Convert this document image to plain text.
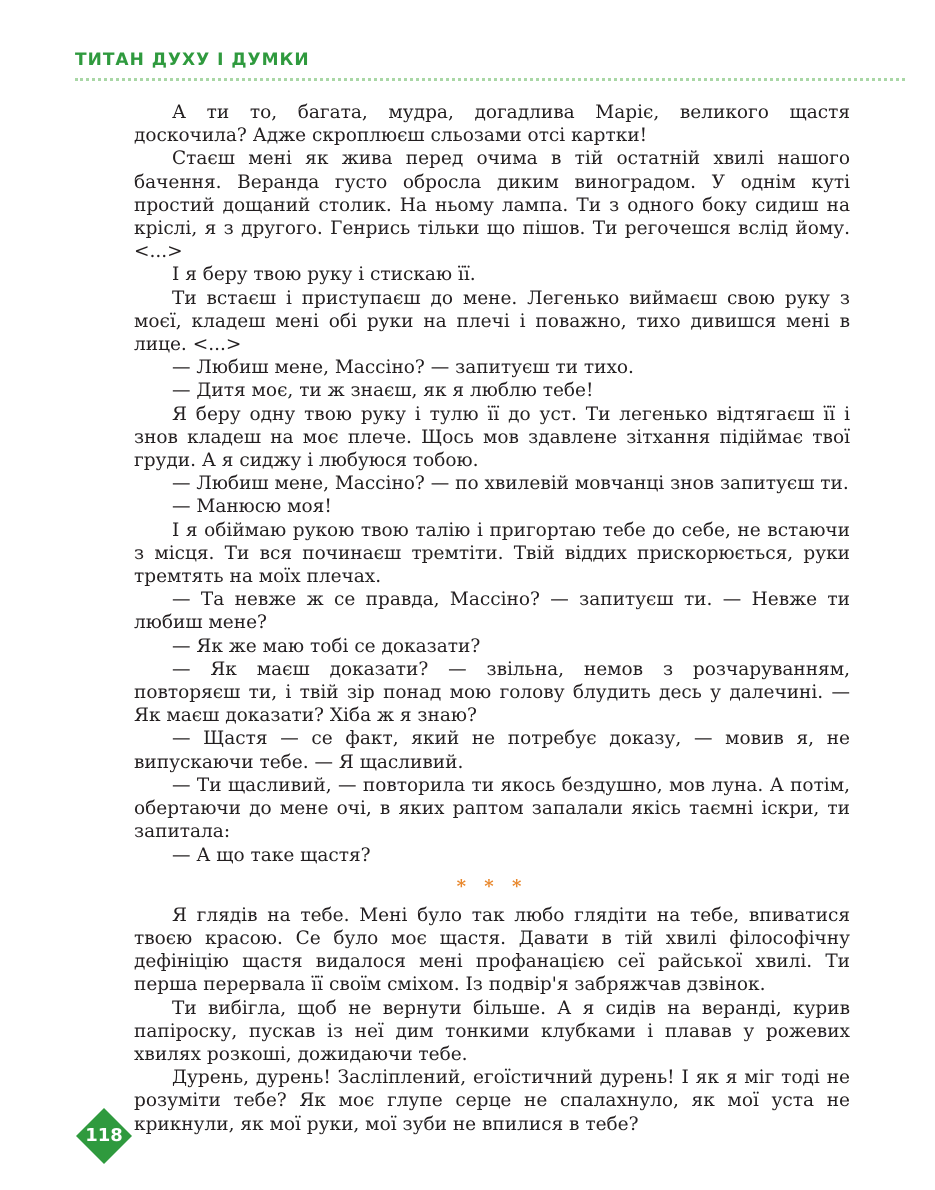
ТИТАН ДУХУ І ДУМКИ

А ти то, багата, мудра, догадлива Маріє, великого щастя доскочила? Адже скроплюєш сльозами отсі картки!

Стаєш мені як жива перед очима в тій остатній хвилі нашого бачення. Веранда густо обросла диким виноградом. У однім куті простий дощаний столик. На ньому лампа. Ти з одного боку сидиш на кріслі, я з другого. Генрись тільки що пішов. Ти регочешся вслід йому. <...>

І я беру твою руку і стискаю її.

Ти встаєш і приступаєш до мене. Легенько виймаєш свою руку з моєї, кладеш мені обі руки на плечі і поважно, тихо дивишся мені в лице. <...>

— Любиш мене, Массіно? — запитуєш ти тихо.

— Дитя моє, ти ж знаєш, як я люблю тебе!

Я беру одну твою руку і тулю її до уст. Ти легенько відтягаєш її і знов кладеш на моє плече. Щось мов здавлене зітхання підіймає твої груди. А я сиджу і любуюся тобою.

— Любиш мене, Массіно? — по хвилевій мовчанці знов запитуєш ти.

— Манюсю моя!

І я обіймаю рукою твою талію і пригортаю тебе до себе, не встаючи з місця. Ти вся починаєш тремтіти. Твій віддих прискорюється, руки тремтять на моїх плечах.

— Та невже ж се правда, Массіно? — запитуєш ти. — Невже ти любиш мене?

— Як же маю тобі се доказати?

— Як маєш доказати? — звільна, немов з розчаруванням, повторяєш ти, і твій зір понад мою голову блудить десь у далечині. — Як маєш доказати? Хіба ж я знаю?

— Щастя — се факт, який не потребує доказу, — мовив я, не випускаючи тебе. — Я щасливий.

— Ти щасливий, — повторила ти якось бездушно, мов луна. А потім, обертаючи до мене очі, в яких раптом запалали якісь таємні іскри, ти запитала:

— А що таке щастя?

* * *

Я глядів на тебе. Мені було так любо глядіти на тебе, впиватися твоєю красою. Се було моє щастя. Давати в тій хвилі філософічну дефініцію щастя видалося мені профанацією сеї райської хвилі. Ти перша перервала її своїм сміхом. Із подвір'я забряжчав дзвінок.

Ти вибігла, щоб не вернути більше. А я сидів на веранді, курив папіроску, пускав із неї дим тонкими клубками і плавав у рожевих хвилях розкоші, дожидаючи тебе.

Дурень, дурень! Засліплений, егоїстичний дурень! І як я міг тоді не розуміти тебе? Як моє глупе серце не спалахнуло, як мої уста не крикнули, як мої руки, мої зуби не впилися в тебе?

118
